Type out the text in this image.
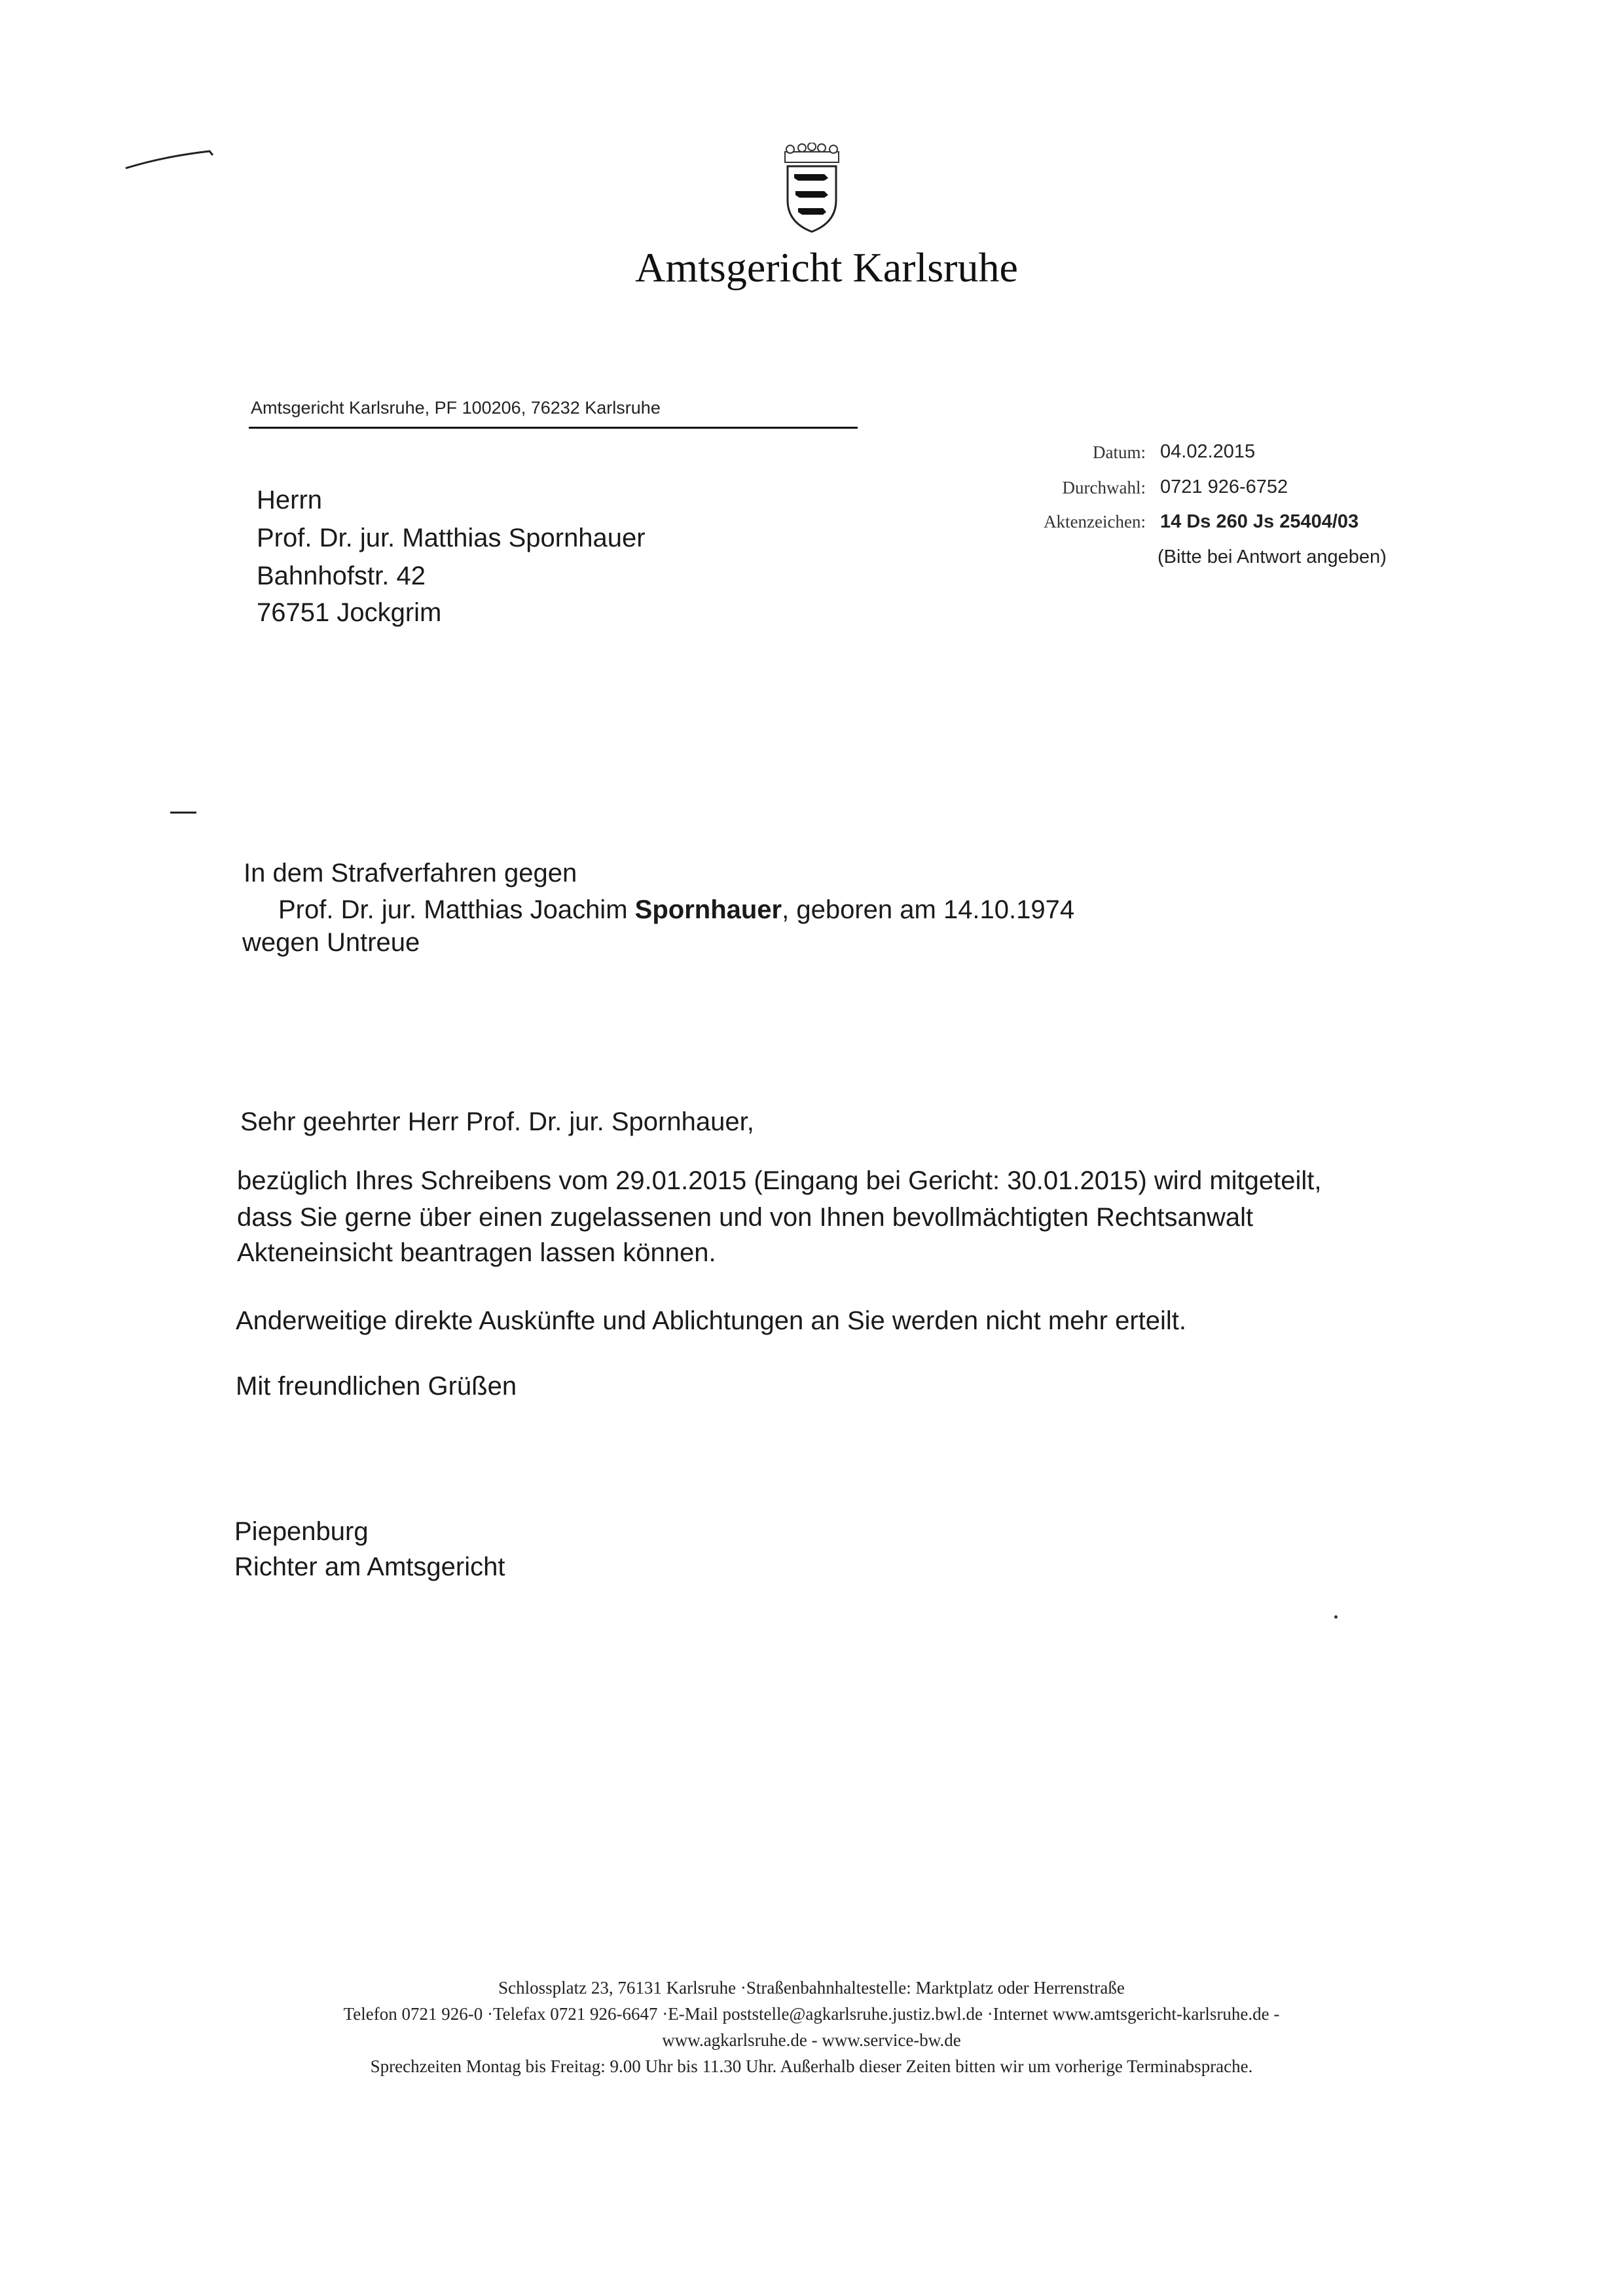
Amtsgericht Karlsruhe
Amtsgericht Karlsruhe, PF 100206, 76232 Karlsruhe
Datum: 04.02.2015
Durchwahl: 0721 926-6752
Aktenzeichen: 14 Ds 260 Js 25404/03
(Bitte bei Antwort angeben)
Herrn
Prof. Dr. jur. Matthias Spornhauer
Bahnhofstr. 42
76751 Jockgrim
In dem Strafverfahren gegen
Prof. Dr. jur. Matthias Joachim Spornhauer, geboren am 14.10.1974
wegen Untreue
Sehr geehrter Herr Prof. Dr. jur. Spornhauer,
bezüglich Ihres Schreibens vom 29.01.2015 (Eingang bei Gericht: 30.01.2015) wird mitgeteilt,
dass Sie gerne über einen zugelassenen und von Ihnen bevollmächtigten Rechtsanwalt
Akteneinsicht beantragen lassen können.
Anderweitige direkte Auskünfte und Ablichtungen an Sie werden nicht mehr erteilt.
Mit freundlichen Grüßen
Piepenburg
Richter am Amtsgericht
Schlossplatz 23, 76131 Karlsruhe ·Straßenbahnhaltestelle: Marktplatz oder Herrenstraße
Telefon 0721 926-0 ·Telefax 0721 926-6647 ·E-Mail poststelle@agkarlsruhe.justiz.bwl.de ·Internet www.amtsgericht-karlsruhe.de -
www.agkarlsruhe.de - www.service-bw.de
Sprechzeiten Montag bis Freitag: 9.00 Uhr bis 11.30 Uhr. Außerhalb dieser Zeiten bitten wir um vorherige Terminabsprache.
